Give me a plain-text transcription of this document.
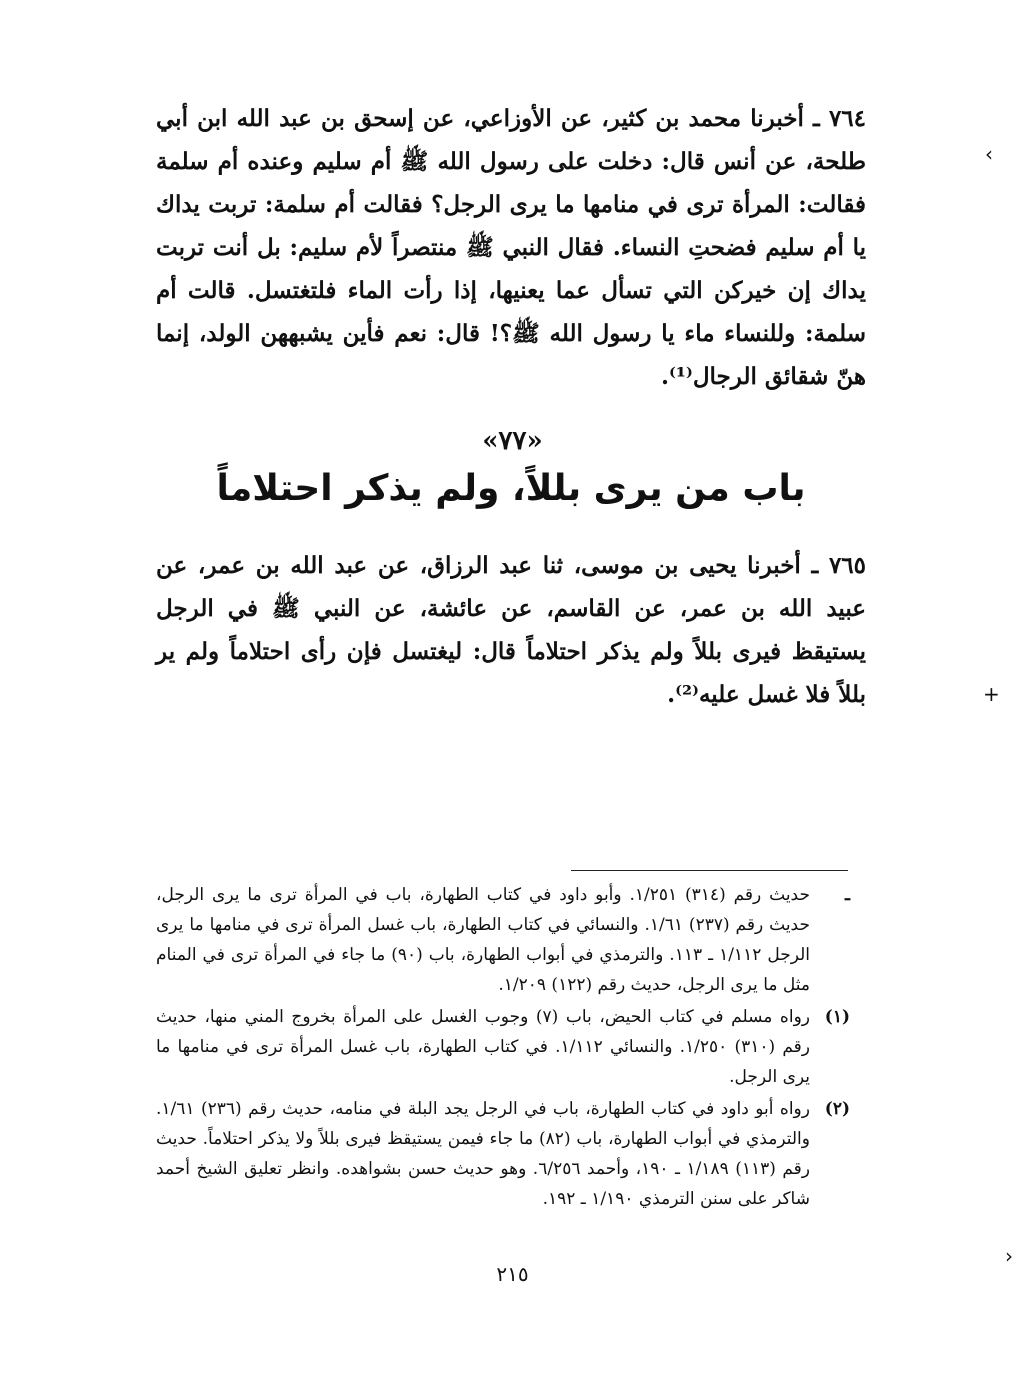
٧٦٤ ـ أخبرنا محمد بن كثير، عن الأوزاعي، عن إسحق بن عبد الله ابن أبي طلحة، عن أنس قال: دخلت على رسول الله ﷺ أم سليم وعنده أم سلمة فقالت: المرأة ترى في منامها ما يرى الرجل؟ فقالت أم سلمة: تربت يداك يا أم سليم فضحتِ النساء. فقال النبي ﷺ منتصراً لأم سليم: بل أنت تربت يداك إن خيركن التي تسأل عما يعنيها، إذا رأت الماء فلتغتسل. قالت أم سلمة: وللنساء ماء يا رسول الله ﷺ؟! قال: نعم فأين يشبههن الولد، إنما هنّ شقائق الرجال⁽¹⁾.

«٧٧»
باب من يرى بللاً، ولم يذكر احتلاماً

٧٦٥ ـ أخبرنا يحيى بن موسى، ثنا عبد الرزاق، عن عبد الله بن عمر، عن عبيد الله بن عمر، عن القاسم، عن عائشة، عن النبي ﷺ في الرجل يستيقظ فيرى بللاً ولم يذكر احتلاماً قال: ليغتسل فإن رأى احتلاماً ولم ير بللاً فلا غسل عليه⁽²⁾.

ـ
حديث رقم (٣١٤) ١/٢٥١. وأبو داود في كتاب الطهارة، باب في المرأة ترى ما يرى الرجل، حديث رقم (٢٣٧) ١/٦١. والنسائي في كتاب الطهارة، باب غسل المرأة ترى في منامها ما يرى الرجل ١/١١٢ ـ ١١٣. والترمذي في أبواب الطهارة، باب (٩٠) ما جاء في المرأة ترى في المنام مثل ما يرى الرجل، حديث رقم (١٢٢) ١/٢٠٩.
(١)
رواه مسلم في كتاب الحيض، باب (٧) وجوب الغسل على المرأة بخروج المني منها، حديث رقم (٣١٠) ١/٢٥٠. والنسائي ١/١١٢. في كتاب الطهارة، باب غسل المرأة ترى في منامها ما يرى الرجل.
(٢)
رواه أبو داود في كتاب الطهارة، باب في الرجل يجد البلة في منامه، حديث رقم (٢٣٦) ١/٦١. والترمذي في أبواب الطهارة، باب (٨٢) ما جاء فيمن يستيقظ فيرى بللاً ولا يذكر احتلاماً. حديث رقم (١١٣) ١/١٨٩ ـ ١٩٠، وأحمد ٦/٢٥٦. وهو حديث حسن بشواهده. وانظر تعليق الشيخ أحمد شاكر على سنن الترمذي ١/١٩٠ ـ ١٩٢.
٢١٥
‹
+
›
